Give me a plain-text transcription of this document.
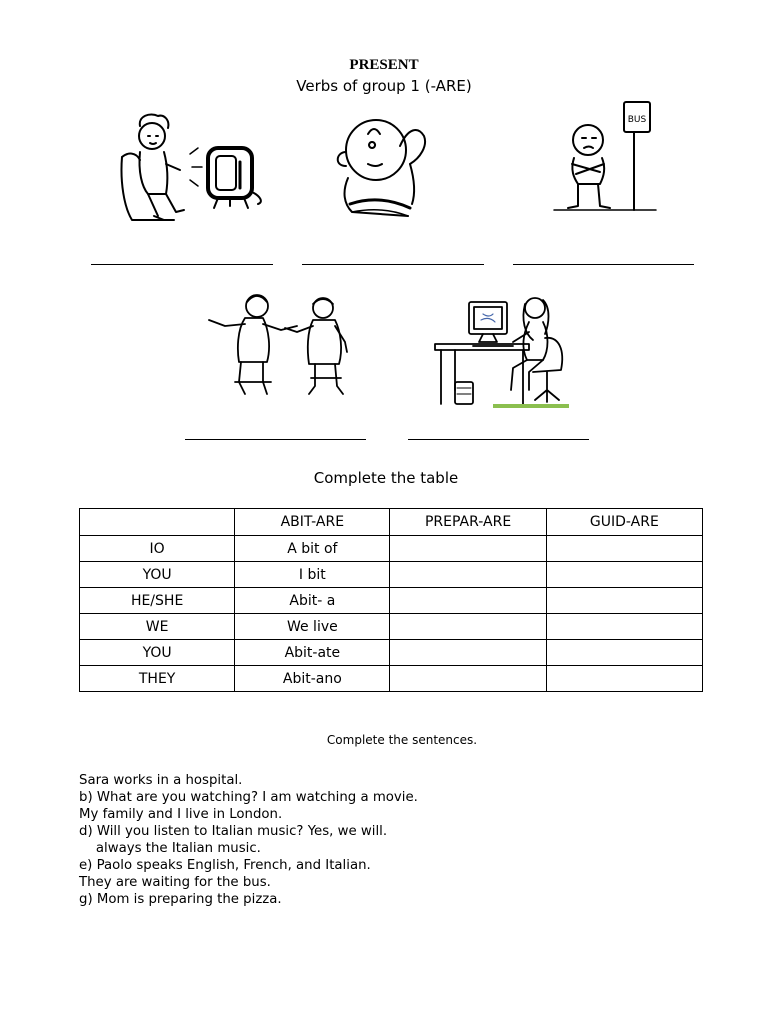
PRESENT
Verbs of group 1 (-ARE)
BUS
Complete the table
	ABIT-ARE	PREPAR-ARE	GUID-ARE
IO	A bit of		
YOU	I bit		
HE/SHE	Abit- a		
WE	We live		
YOU	Abit-ate		
THEY	Abit-ano		
Complete the sentences.
Sara works in a hospital.
b) What are you watching? I am watching a movie.
My family and I live in London.
d) Will you listen to Italian music? Yes, we will.
always the Italian music.
e) Paolo speaks English, French, and Italian.
They are waiting for the bus.
g) Mom is preparing the pizza.
